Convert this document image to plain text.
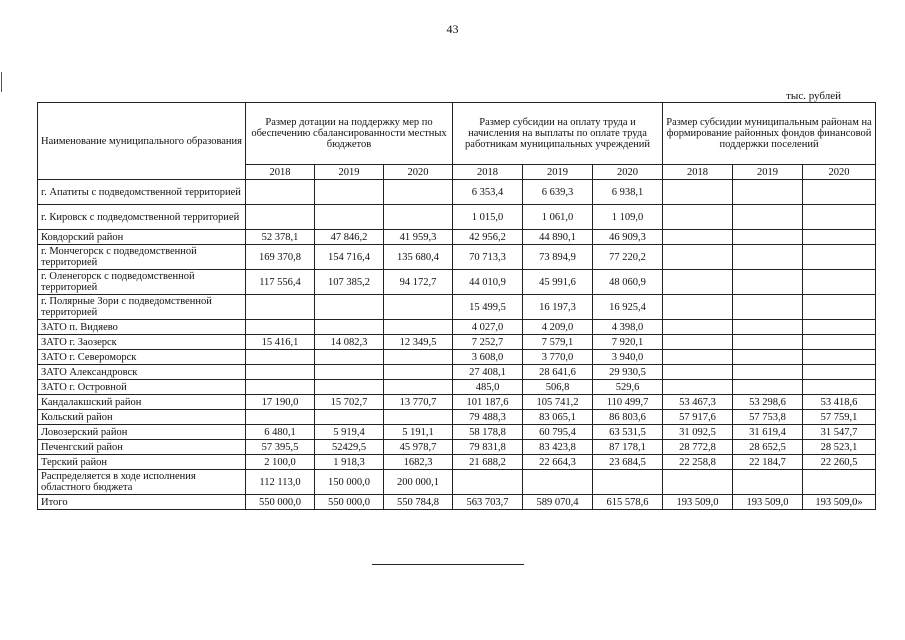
43
тыс. рублей
Наименование муниципального образования	Размер дотации на поддержку мер по обеспечению сбалансированности местных бюджетов			Размер субсидии на оплату труда и начисления на выплаты по оплате труда работникам муниципальных учреждений			Размер субсидии муниципальным районам на формирование районных фондов финансовой поддержки поселений		
	2018	2019	2020	2018	2019	2020	2018	2019	2020
г. Апатиты с подведомственной территорией				6 353,4	6 639,3	6 938,1			
г. Кировск с подведомственной территорией				1 015,0	1 061,0	1 109,0			
Ковдорский район	52 378,1	47 846,2	41 959,3	42 956,2	44 890,1	46 909,3			
г. Мончегорск с подведомственной территорией	169 370,8	154 716,4	135 680,4	70 713,3	73 894,9	77 220,2			
г. Оленегорск с подведомственной территорией	117 556,4	107 385,2	94 172,7	44 010,9	45 991,6	48 060,9			
г. Полярные Зори с подведомственной территорией				15 499,5	16 197,3	16 925,4			
ЗАТО п. Видяево				4 027,0	4 209,0	4 398,0			
ЗАТО г. Заозерск	15 416,1	14 082,3	12 349,5	7 252,7	7 579,1	7 920,1			
ЗАТО г. Североморск				3 608,0	3 770,0	3 940,0			
ЗАТО Александровск				27 408,1	28 641,6	29 930,5			
ЗАТО г. Островной				485,0	506,8	529,6			
Кандалакшский район	17 190,0	15 702,7	13 770,7	101 187,6	105 741,2	110 499,7	53 467,3	53 298,6	53 418,6
Кольский район				79 488,3	83 065,1	86 803,6	57 917,6	57 753,8	57 759,1
Ловозерский район	6 480,1	5 919,4	5 191,1	58 178,8	60 795,4	63 531,5	31 092,5	31 619,4	31 547,7
Печенгский район	57 395,5	52429,5	45 978,7	79 831,8	83 423,8	87 178,1	28 772,8	28 652,5	28 523,1
Терский район	2 100,0	1 918,3	1682,3	21 688,2	22 664,3	23 684,5	22 258,8	22 184,7	22 260,5
Распределяется в ходе исполнения областного бюджета	112 113,0	150 000,0	200 000,1						
Итого	550 000,0	550 000,0	550 784,8	563 703,7	589 070,4	615 578,6	193 509,0	193 509,0	193 509,0»
